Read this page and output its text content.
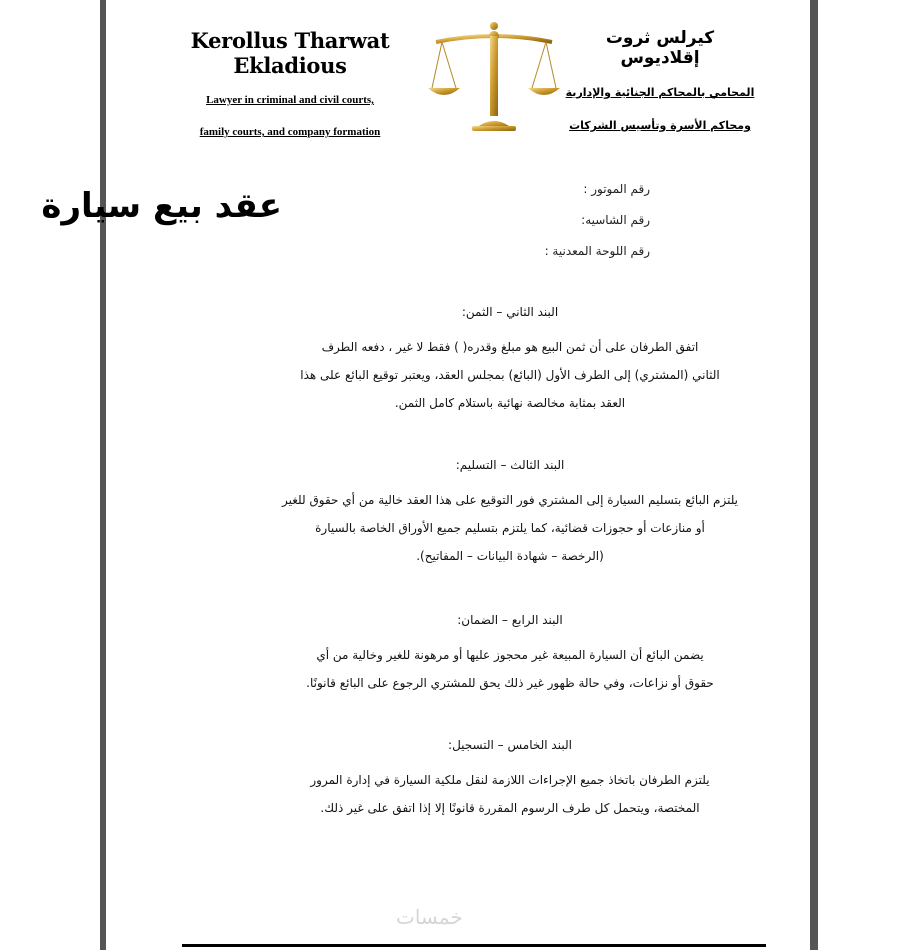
Kerollus Tharwat Ekladious
Lawyer in criminal and civil courts,
family courts, and company formation
كيرلس ثروت إقلاديوس
المحامي بالمحاكم الجنائية والإدارية
ومحاكم الأسرة وتأسيس الشركات
عقد بيع سيارة	رقم الموتور :
رقم الشاسيه:
رقم اللوحة المعدنية :
البند الثاني – الثمن:
اتفق الطرفان على أن ثمن البيع هو مبلغ وقدره( ) فقط لا غير ، دفعه الطرف
الثاني (المشتري) إلى الطرف الأول (البائع) بمجلس العقد، ويعتبر توقيع البائع على هذا
العقد بمثابة مخالصة نهائية باستلام كامل الثمن.
البند الثالث – التسليم:
يلتزم البائع بتسليم السيارة إلى المشتري فور التوقيع على هذا العقد خالية من أي حقوق للغير
أو منازعات أو حجوزات قضائية، كما يلتزم بتسليم جميع الأوراق الخاصة بالسيارة
(الرخصة – شهادة البيانات – المفاتيح).
البند الرابع – الضمان:
يضمن البائع أن السيارة المبيعة غير محجوز عليها أو مرهونة للغير وخالية من أي
حقوق أو نزاعات، وفي حالة ظهور غير ذلك يحق للمشتري الرجوع على البائع قانونًا.
البند الخامس – التسجيل:
يلتزم الطرفان باتخاذ جميع الإجراءات اللازمة لنقل ملكية السيارة في إدارة المرور
المختصة، ويتحمل كل طرف الرسوم المقررة قانونًا إلا إذا اتفق على غير ذلك.
خمسات
